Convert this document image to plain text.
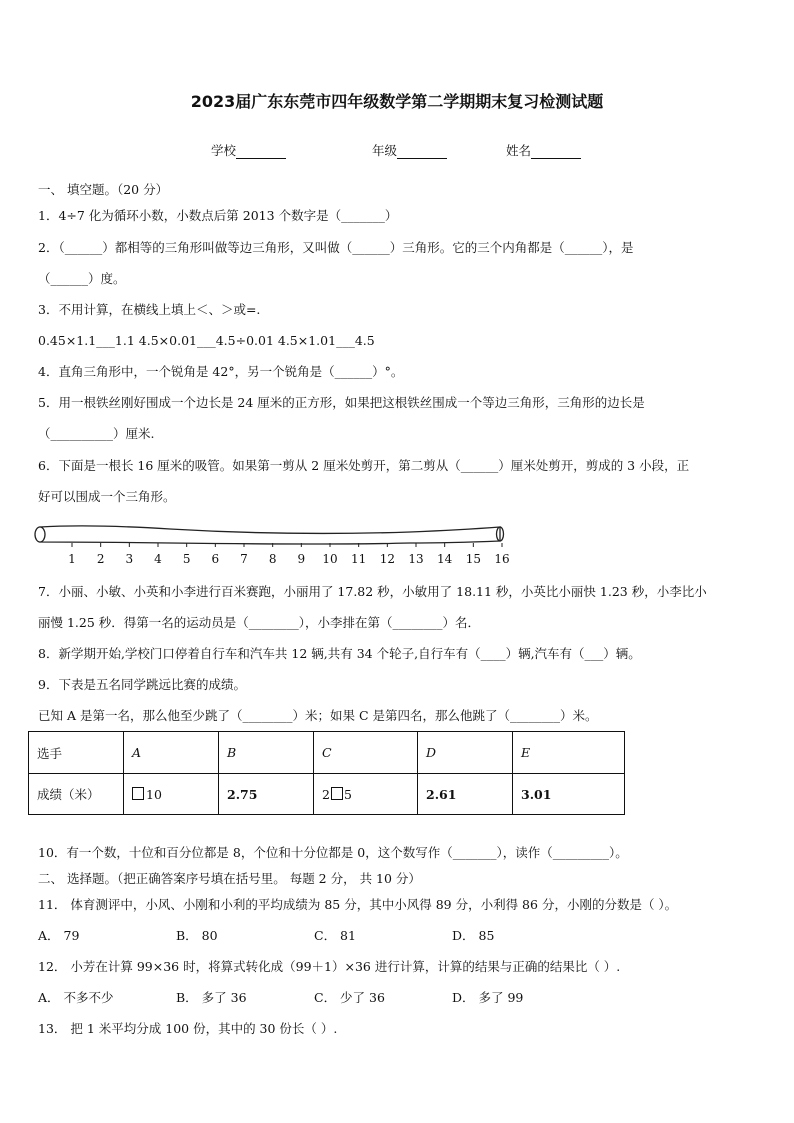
2023届广东东莞市四年级数学第二学期期末复习检测试题
学校	年级	姓名
一、 填空题。（20 分）
1．4÷7 化为循环小数，小数点后第 2013 个数字是（_______）
2．（______）都相等的三角形叫做等边三角形，又叫做（______）三角形。它的三个内角都是（______），是
（______）度。
3．不用计算，在横线上填上＜、＞或=.
0.45×1.1___1.1 4.5×0.01___4.5÷0.01 4.5×1.01___4.5
4．直角三角形中，一个锐角是 42°，另一个锐角是（______）°。
5．用一根铁丝刚好围成一个边长是 24 厘米的正方形，如果把这根铁丝围成一个等边三角形，三角形的边长是
（__________）厘米.
6．下面是一根长 16 厘米的吸管。如果第一剪从 2 厘米处剪开，第二剪从（______）厘米处剪开，剪成的 3 小段，正
好可以围成一个三角形。
1 2 3 4 5 6 7 8 9 10 11 12 13 14 15 16
7．小丽、小敏、小英和小李进行百米赛跑，小丽用了 17.82 秒，小敏用了 18.11 秒，小英比小丽快 1.23 秒，小李比小
丽慢 1.25 秒．得第一名的运动员是（________），小李排在第（________）名．
8．新学期开始,学校门口停着自行车和汽车共 12 辆,共有 34 个轮子,自行车有（____）辆,汽车有（___）辆。
9．下表是五名同学跳远比赛的成绩。
已知 A 是第一名，那么他至少跳了（________）米；如果 C 是第四名，那么他跳了（________）米。
选手	A	B	C	D	E
成绩（米）	10	2.75	2 5	2.61	3.01
10．有一个数，十位和百分位都是 8，个位和十分位都是 0，这个数写作（_______），读作（_________）。
二、 选择题。（把正确答案序号填在括号里。 每题 2 分， 共 10 分）
11． 体育测评中，小风、小刚和小利的平均成绩为 85 分，其中小风得 89 分，小利得 86 分，小刚的分数是（ ）。
A． 79	B． 80	C． 81	D． 85
12． 小芳在计算 99×36 时，将算式转化成（99＋1）×36 进行计算，计算的结果与正确的结果比（ ）.
A． 不多不少	B． 多了 36	C． 少了 36	D． 多了 99
13． 把 1 米平均分成 100 份，其中的 30 份长（ ）.
